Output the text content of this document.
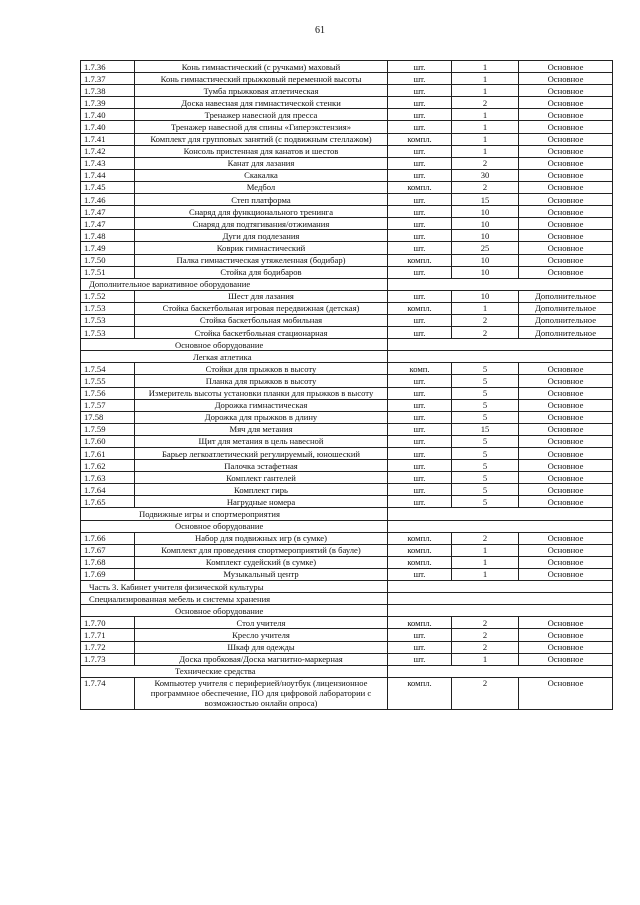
61
1.7.36	Конь гимнастический (с ручками) маховый	шт.	1	Основное
1.7.37	Конь гимнастический прыжковый переменной высоты	шт.	1	Основное
1.7.38	Тумба прыжковая атлетическая	шт.	1	Основное
1.7.39	Доска навесная для гимнастической стенки	шт.	2	Основное
1.7.40	Тренажер навесной для пресса	шт.	1	Основное
1.7.40	Тренажер навесной для спины «Гиперэкстензия»	шт.	1	Основное
1.7.41	Комплект для групповых занятий (с подвижным стеллажом)	компл.	1	Основное
1.7.42	Консоль пристенная для канатов и шестов	шт.	1	Основное
1.7.43	Канат для лазания	шт.	2	Основное
1.7.44	Скакалка	шт.	30	Основное
1.7.45	Медбол	компл.	2	Основное
1.7.46	Степ платформа	шт.	15	Основное
1.7.47	Снаряд для функционального тренинга	шт.	10	Основное
1.7.47	Снаряд для подтягивания/отжимания	шт.	10	Основное
1.7.48	Дуги для подлезания	шт.	10	Основное
1.7.49	Коврик гимнастический	шт.	25	Основное
1.7.50	Палка гимнастическая утяжеленная (бодибар)	компл.	10	Основное
1.7.51	Стойка для бодибаров	шт.	10	Основное
Дополнительное вариативное оборудование				
1.7.52	Шест для лазания	шт.	10	Дополнительное
1.7.53	Стойка баскетбольная игровая передвижная (детская)	компл.	1	Дополнительное
1.7.53	Стойка баскетбольная мобильная	шт.	2	Дополнительное
1.7.53	Стойка баскетбольная стационарная	шт.	2	Дополнительное
Основное оборудование				
Легкая атлетика				
1.7.54	Стойки для прыжков в высоту	комп.	5	Основное
1.7.55	Планка для прыжков в высоту	шт.	5	Основное
1.7.56	Измеритель высоты установки планки для прыжков в высоту	шт.	5	Основное
1.7.57	Дорожка гимнастическая	шт.	5	Основное
17.58	Дорожка для прыжков в длину	шт.	5	Основное
1.7.59	Мяч для метания	шт.	15	Основное
1.7.60	Щит для метания в цель навесной	шт.	5	Основное
1.7.61	Барьер легкоатлетический регулируемый, юношеский	шт.	5	Основное
1.7.62	Палочка эстафетная	шт.	5	Основное
1.7.63	Комплект гантелей	шт.	5	Основное
1.7.64	Комплект гирь	шт.	5	Основное
1.7.65	Нагрудные номера	шт.	5	Основное
Подвижные игры и спортмероприятия				
Основное оборудование				
1.7.66	Набор для подвижных игр (в сумке)	компл.	2	Основное
1.7.67	Комплект для проведения спортмероприятий (в бауле)	компл.	1	Основное
1.7.68	Комплект судейский (в сумке)	компл.	1	Основное
1.7.69	Музыкальный центр	шт.	1	Основное
Часть 3. Кабинет учителя физической культуры				
Специализированная мебель и системы хранения				
Основное оборудование				
1.7.70	Стол учителя	компл.	2	Основное
1.7.71	Кресло учителя	шт.	2	Основное
1.7.72	Шкаф для одежды	шт.	2	Основное
1.7.73	Доска пробковая/Доска магнитно-маркерная	шт.	1	Основное
Технические средства				
1.7.74	Компьютер учителя с периферией/ноутбук (лицензионное программное обеспечение, ПО для цифровой лаборатории с возможностью онлайн опроса)	компл.	2	Основное
